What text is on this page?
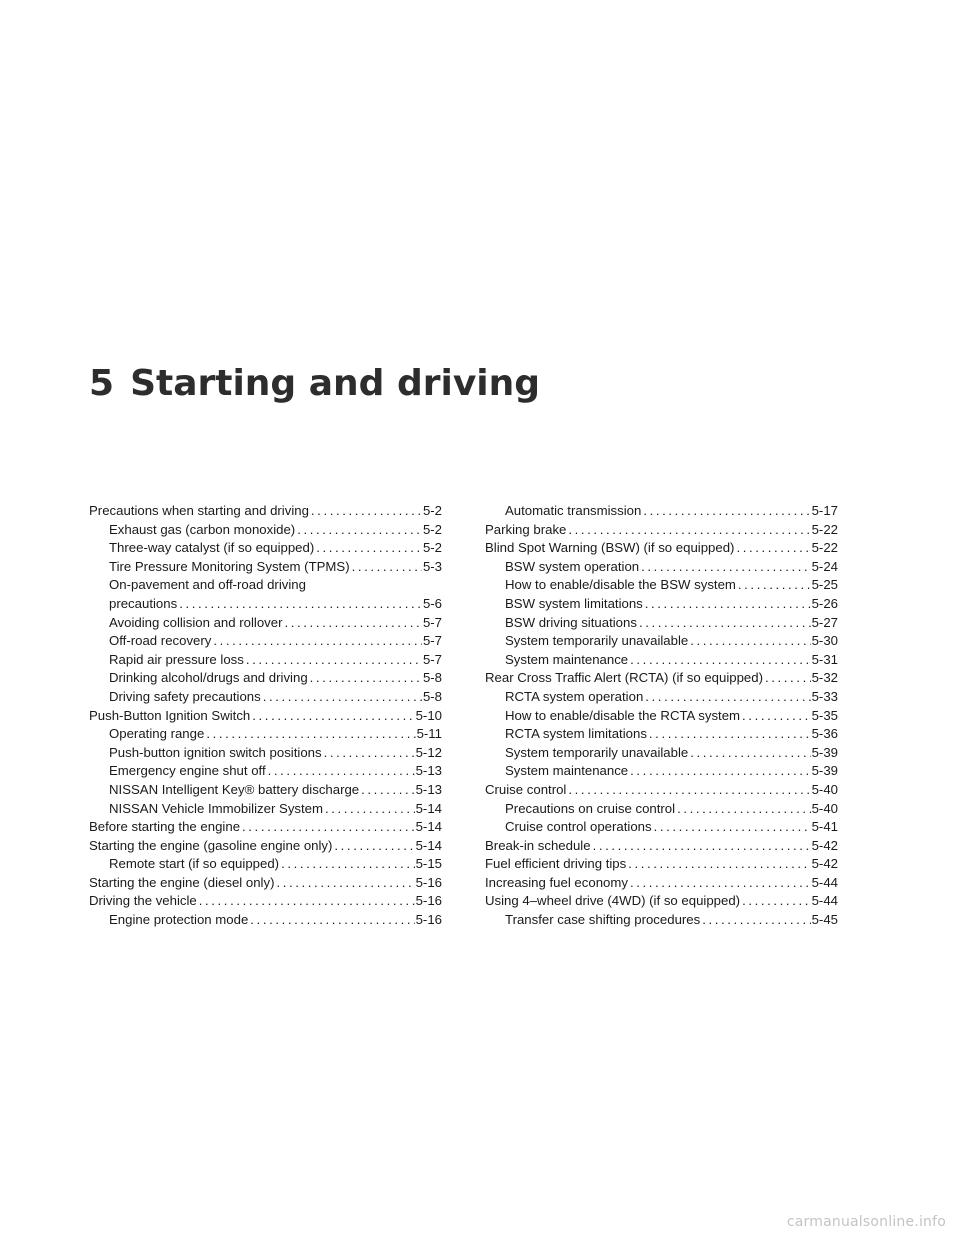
5 Starting and driving
Precautions when starting and driving .....	5-2
Exhaust gas (carbon monoxide) .....	5-2
Three-way catalyst (if so equipped) .....	5-2
Tire Pressure Monitoring System (TPMS) .....	5-3
On-pavement and off-road driving
precautions .....	5-6
Avoiding collision and rollover .....	5-7
Off-road recovery .....	5-7
Rapid air pressure loss .....	5-7
Drinking alcohol/drugs and driving .....	5-8
Driving safety precautions .....	5-8
Push-Button Ignition Switch .....	5-10
Operating range .....	5-11
Push-button ignition switch positions .....	5-12
Emergency engine shut off .....	5-13
NISSAN Intelligent Key® battery discharge .....	5-13
NISSAN Vehicle Immobilizer System .....	5-14
Before starting the engine .....	5-14
Starting the engine (gasoline engine only) .....	5-14
Remote start (if so equipped) .....	5-15
Starting the engine (diesel only) .....	5-16
Driving the vehicle .....	5-16
Engine protection mode .....	5-16
Automatic transmission .....	5-17
Parking brake .....	5-22
Blind Spot Warning (BSW) (if so equipped) .....	5-22
BSW system operation .....	5-24
How to enable/disable the BSW system .....	5-25
BSW system limitations .....	5-26
BSW driving situations .....	5-27
System temporarily unavailable .....	5-30
System maintenance .....	5-31
Rear Cross Traffic Alert (RCTA) (if so equipped) .....	5-32
RCTA system operation .....	5-33
How to enable/disable the RCTA system .....	5-35
RCTA system limitations .....	5-36
System temporarily unavailable .....	5-39
System maintenance .....	5-39
Cruise control .....	5-40
Precautions on cruise control .....	5-40
Cruise control operations .....	5-41
Break-in schedule .....	5-42
Fuel efficient driving tips .....	5-42
Increasing fuel economy .....	5-44
Using 4–wheel drive (4WD) (if so equipped) .....	5-44
Transfer case shifting procedures .....	5-45
carmanualsonline.info
